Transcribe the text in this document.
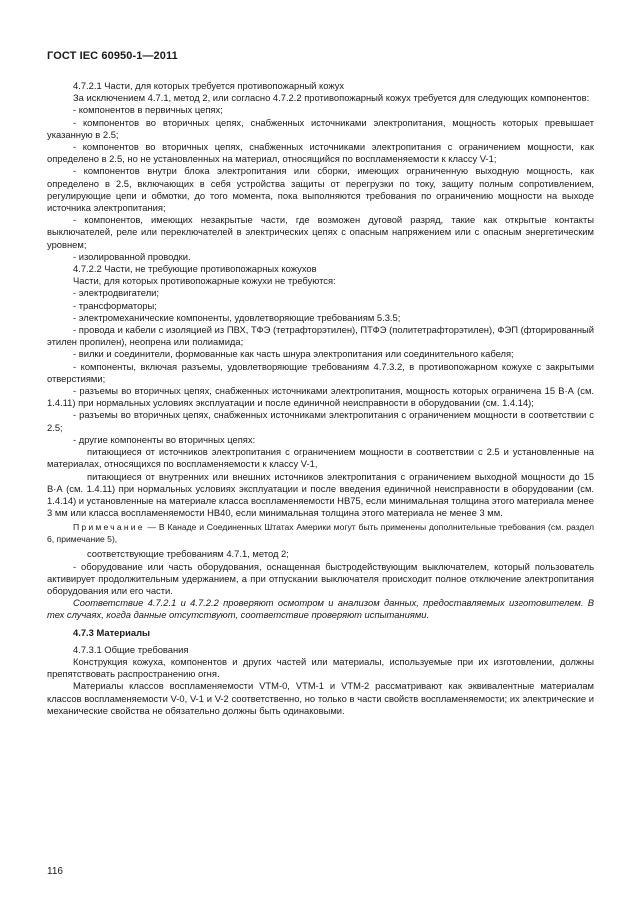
ГОСТ IEC 60950-1—2011

4.7.2.1 Части, для которых требуется противопожарный кожух

За исключением 4.7.1, метод 2, или согласно 4.7.2.2 противопожарный кожух требуется для следующих компонентов:

- компонентов в первичных цепях;

- компонентов во вторичных цепях, снабженных источниками электропитания, мощность которых превышает указанную в 2.5;

- компонентов во вторичных цепях, снабженных источниками электропитания с ограничением мощности, как определено в 2.5, но не установленных на материал, относящийся по воспламеняемости к классу V-1;

- компонентов внутри блока электропитания или сборки, имеющих ограниченную выходную мощность, как определено в 2.5, включающих в себя устройства защиты от перегрузки по току, защиту полным сопротивлением, регулирующие цепи и обмотки, до того момента, пока выполняются требования по ограничению мощности на выходе источника электропитания;

- компонентов, имеющих незакрытые части, где возможен дуговой разряд, такие как открытые контакты выключателей, реле или переключателей в электрических цепях с опасным напряжением или с опасным энергетическим уровнем;

- изолированной проводки.

4.7.2.2 Части, не требующие противопожарных кожухов

Части, для которых противопожарные кожухи не требуются:

- электродвигатели;

- трансформаторы;

- электромеханические компоненты, удовлетворяющие требованиям 5.3.5;

- провода и кабели с изоляцией из ПВХ, ТФЭ (тетрафторэтилен), ПТФЭ (политетрафторэтилен), ФЭП (фторированный этилен пропилен), неопрена или полиамида;

- вилки и соединители, формованные как часть шнура электропитания или соединительного кабеля;

- компоненты, включая разъемы, удовлетворяющие требованиям 4.7.3.2, в противопожарном кожухе с закрытыми отверстиями;

- разъемы во вторичных цепях, снабженных источниками электропитания, мощность которых ограничена 15 В·А (см. 1.4.11) при нормальных условиях эксплуатации и после единичной неисправности в оборудовании (см. 1.4.14);

- разъемы во вторичных цепях, снабженных источниками электропитания с ограничением мощности в соответствии с 2.5;

- другие компоненты во вторичных цепях:

питающиеся от источников электропитания с ограничением мощности в соответствии с 2.5 и установленные на материалах, относящихся по воспламеняемости к классу V-1,

питающиеся от внутренних или внешних источников электропитания с ограничением выходной мощности до 15 В·А (см. 1.4.11) при нормальных условиях эксплуатации и после введения единичной неисправности в оборудовании (см. 1.4.14) и установленные на материале класса воспламеняемости HB75, если минимальная толщина этого материала менее 3 мм или класса воспламеняемости HB40, если минимальная толщина этого материала не менее 3 мм.

Примечание — В Канаде и Соединенных Штатах Америки могут быть применены дополнительные требования (см. раздел 6, примечание 5),

соответствующие требованиям 4.7.1, метод 2;

- оборудование или часть оборудования, оснащенная быстродействующим выключателем, который пользователь активирует продолжительным удержанием, а при отпускании выключателя происходит полное отключение электропитания оборудования или его части.

Соответствие 4.7.2.1 и 4.7.2.2 проверяют осмотром и анализом данных, предоставляемых изготовителем. В тех случаях, когда данные отсутствуют, соответствие проверяют испытаниями.

4.7.3 Материалы

4.7.3.1 Общие требования

Конструкция кожуха, компонентов и других частей или материалы, используемые при их изготовлении, должны препятствовать распространению огня.

Материалы классов воспламеняемости VTM-0, VTM-1 и VTM-2 рассматривают как эквивалентные материалам классов воспламеняемости V-0, V-1 и V-2 соответственно, но только в части свойств воспламеняемости; их электрические и механические свойства не обязательно должны быть одинаковыми.

116
